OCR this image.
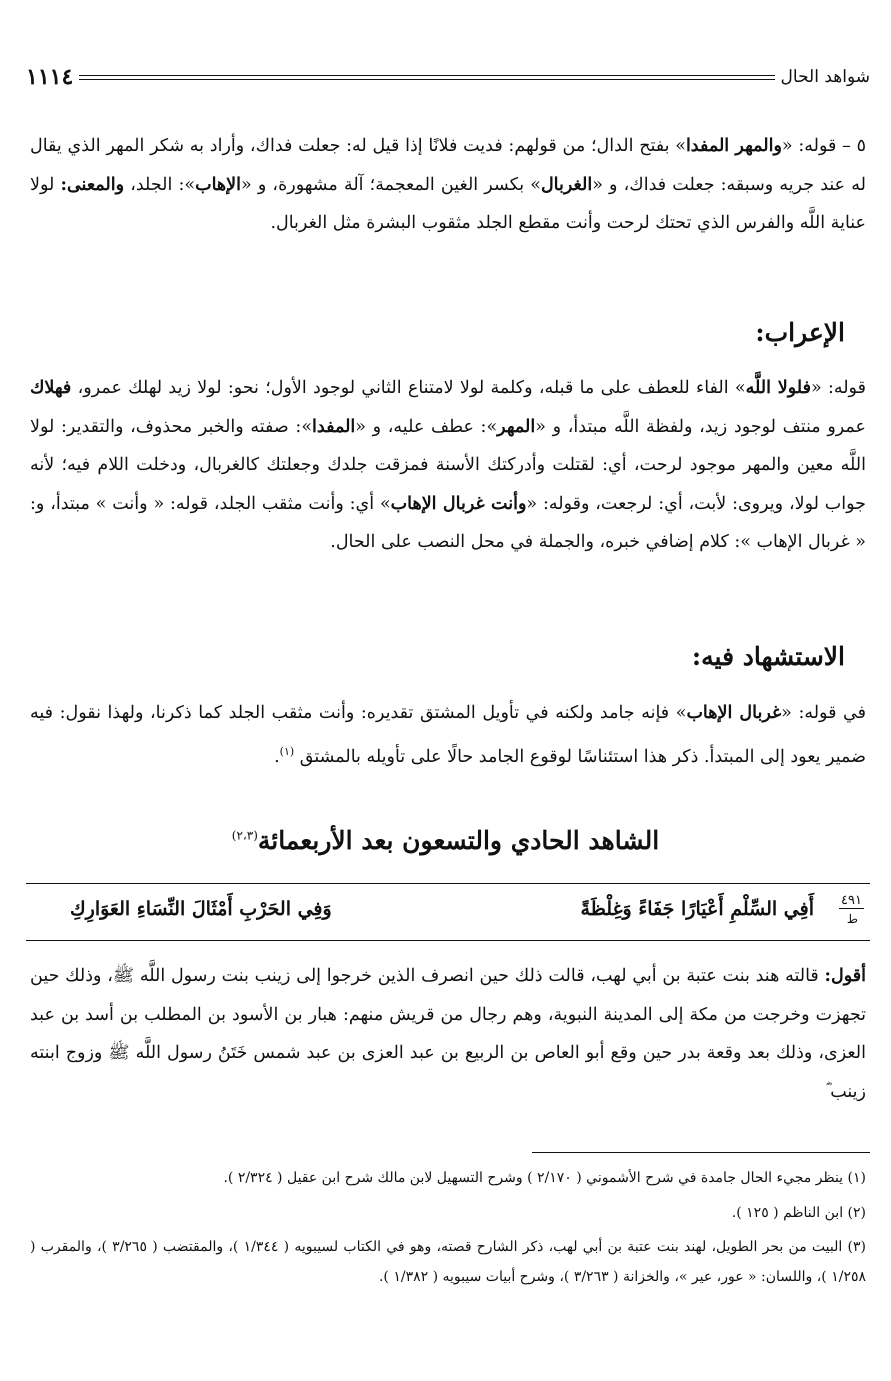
١١١٤	شواهد الحال
٥ – قوله: «والمهر المفدا» بفتح الدال؛ من قولهم: فديت فلانًا إذا قيل له: جعلت فداك، وأراد به شكر المهر الذي يقال له عند جريه وسبقه: جعلت فداك، و «الغربال» بكسر الغين المعجمة؛ آلة مشهورة، و «الإهاب»: الجلد، والمعنى: لولا عناية اللَّه والفرس الذي تحتك لرحت وأنت مقطع الجلد مثقوب البشرة مثل الغربال.
الإعراب:
قوله: «فلولا اللَّه» الفاء للعطف على ما قبله، وكلمة لولا لامتناع الثاني لوجود الأول؛ نحو: لولا زيد لهلك عمرو، فهلاك عمرو منتف لوجود زيد، ولفظة اللَّه مبتدأ، و «المهر»: عطف عليه، و «المفدا»: صفته والخبر محذوف، والتقدير: لولا اللَّه معين والمهر موجود لرحت، أي: لقتلت وأدركتك الأسنة فمزقت جلدك وجعلتك كالغربال، ودخلت اللام فيه؛ لأنه جواب لولا، ويروى: لأبت، أي: لرجعت، وقوله: «وأنت غربال الإهاب» أي: وأنت مثقب الجلد، قوله: « وأنت » مبتدأ، و: « غربال الإهاب »: كلام إضافي خبره، والجملة في محل النصب على الحال.
الاستشهاد فيه:
في قوله: «غربال الإهاب» فإنه جامد ولكنه في تأويل المشتق تقديره: وأنت مثقب الجلد كما ذكرنا، ولهذا نقول: فيه ضمير يعود إلى المبتدأ. ذكر هذا استئناسًا لوقوع الجامد حالًا على تأويله بالمشتق $^{(١)}$.
الشاهد الحادي والتسعون بعد الأربعمائة$^{(٢،٣)}$
٤٩١
ط
أَفِي السِّلْمِ أَعْيَارًا جَفَاءً وَغِلْظَةً
وَفِي الحَرْبِ أَمْثَالَ النِّسَاءِ العَوَارِكِ
أقول: قالته هند بنت عتبة بن أبي لهب، قالت ذلك حين انصرف الذين خرجوا إلى زينب بنت رسول اللَّه ﷺ، وذلك حين تجهزت وخرجت من مكة إلى المدينة النبوية، وهم رجال من قريش منهم: هبار بن الأسود بن المطلب بن أسد بن عبد العزى، وذلك بعد وقعة بدر حين وقع أبو العاص بن الربيع بن عبد العزى بن عبد شمس خَتَنُ رسول اللَّه ﷺ وزوج ابنته زينب ؓ
(١) ينظر مجيء الحال جامدة في شرح الأشموني ( ٢/١٧٠ ) وشرح التسهيل لابن مالك شرح ابن عقيل ( ٢/٣٢٤ ).
(٢) ابن الناظم ( ١٢٥ ).
(٣) البيت من بحر الطويل، لهند بنت عتبة بن أبي لهب، ذكر الشارح قصته، وهو في الكتاب لسيبويه ( ١/٣٤٤ )، والمقتضب ( ٣/٢٦٥ )، والمقرب ( ١/٢٥٨ )، واللسان: « عور، عير »، والخزانة ( ٣/٢٦٣ )، وشرح أبيات سيبويه ( ١/٣٨٢ ).
